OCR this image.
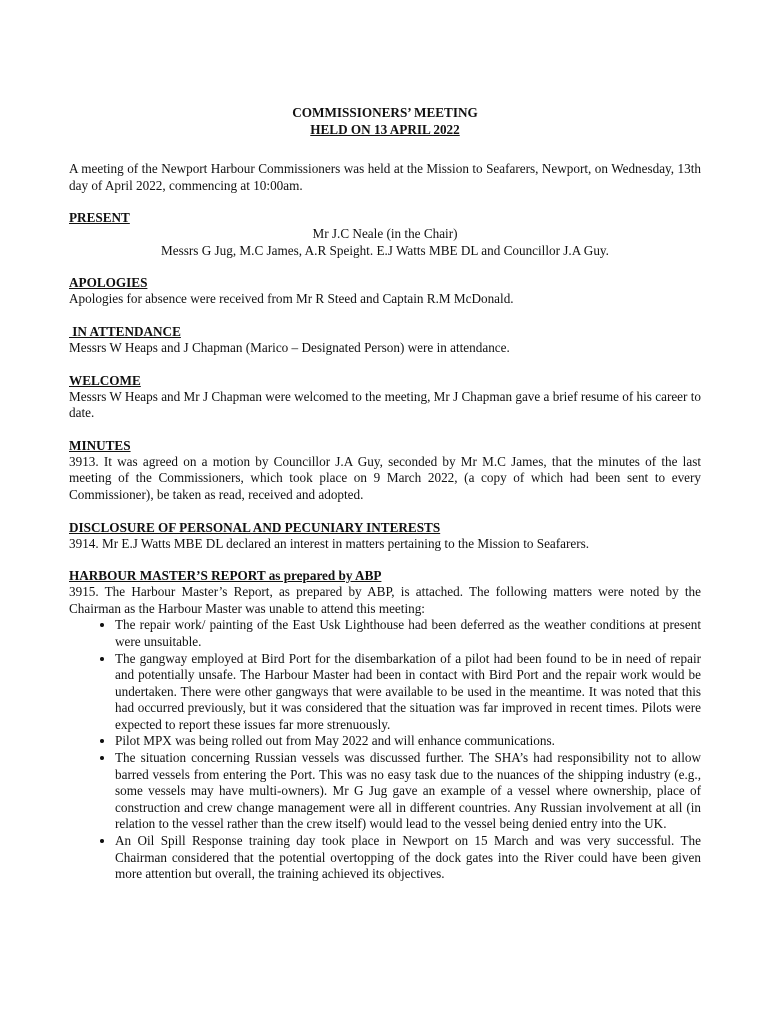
COMMISSIONERS’ MEETING
HELD ON 13 APRIL 2022

A meeting of the Newport Harbour Commissioners was held at the Mission to Seafarers, Newport, on Wednesday, 13th day of April 2022, commencing at 10:00am.

PRESENT

Mr J.C Neale (in the Chair)

Messrs G Jug, M.C James, A.R Speight. E.J Watts MBE DL and Councillor J.A Guy.

APOLOGIES

Apologies for absence were received from Mr R Steed and Captain R.M McDonald.

IN ATTENDANCE

Messrs W Heaps and J Chapman (Marico – Designated Person) were in attendance.

WELCOME

Messrs W Heaps and Mr J Chapman were welcomed to the meeting, Mr J Chapman gave a brief resume of his career to date.

MINUTES

3913. It was agreed on a motion by Councillor J.A Guy, seconded by Mr M.C James, that the minutes of the last meeting of the Commissioners, which took place on 9 March 2022, (a copy of which had been sent to every Commissioner), be taken as read, received and adopted.

DISCLOSURE OF PERSONAL AND PECUNIARY INTERESTS

3914. Mr E.J Watts MBE DL declared an interest in matters pertaining to the Mission to Seafarers.

HARBOUR MASTER’S REPORT as prepared by ABP

3915. The Harbour Master’s Report, as prepared by ABP, is attached. The following matters were noted by the Chairman as the Harbour Master was unable to attend this meeting:

• The repair work/ painting of the East Usk Lighthouse had been deferred as the weather conditions at present were unsuitable.
• The gangway employed at Bird Port for the disembarkation of a pilot had been found to be in need of repair and potentially unsafe. The Harbour Master had been in contact with Bird Port and the repair work would be undertaken. There were other gangways that were available to be used in the meantime. It was noted that this had occurred previously, but it was considered that the situation was far improved in recent times. Pilots were expected to report these issues far more strenuously.
• Pilot MPX was being rolled out from May 2022 and will enhance communications.
• The situation concerning Russian vessels was discussed further. The SHA’s had responsibility not to allow barred vessels from entering the Port. This was no easy task due to the nuances of the shipping industry (e.g., some vessels may have multi-owners). Mr G Jug gave an example of a vessel where ownership, place of construction and crew change management were all in different countries. Any Russian involvement at all (in relation to the vessel rather than the crew itself) would lead to the vessel being denied entry into the UK.
• An Oil Spill Response training day took place in Newport on 15 March and was very successful. The Chairman considered that the potential overtopping of the dock gates into the River could have been given more attention but overall, the training achieved its objectives.
